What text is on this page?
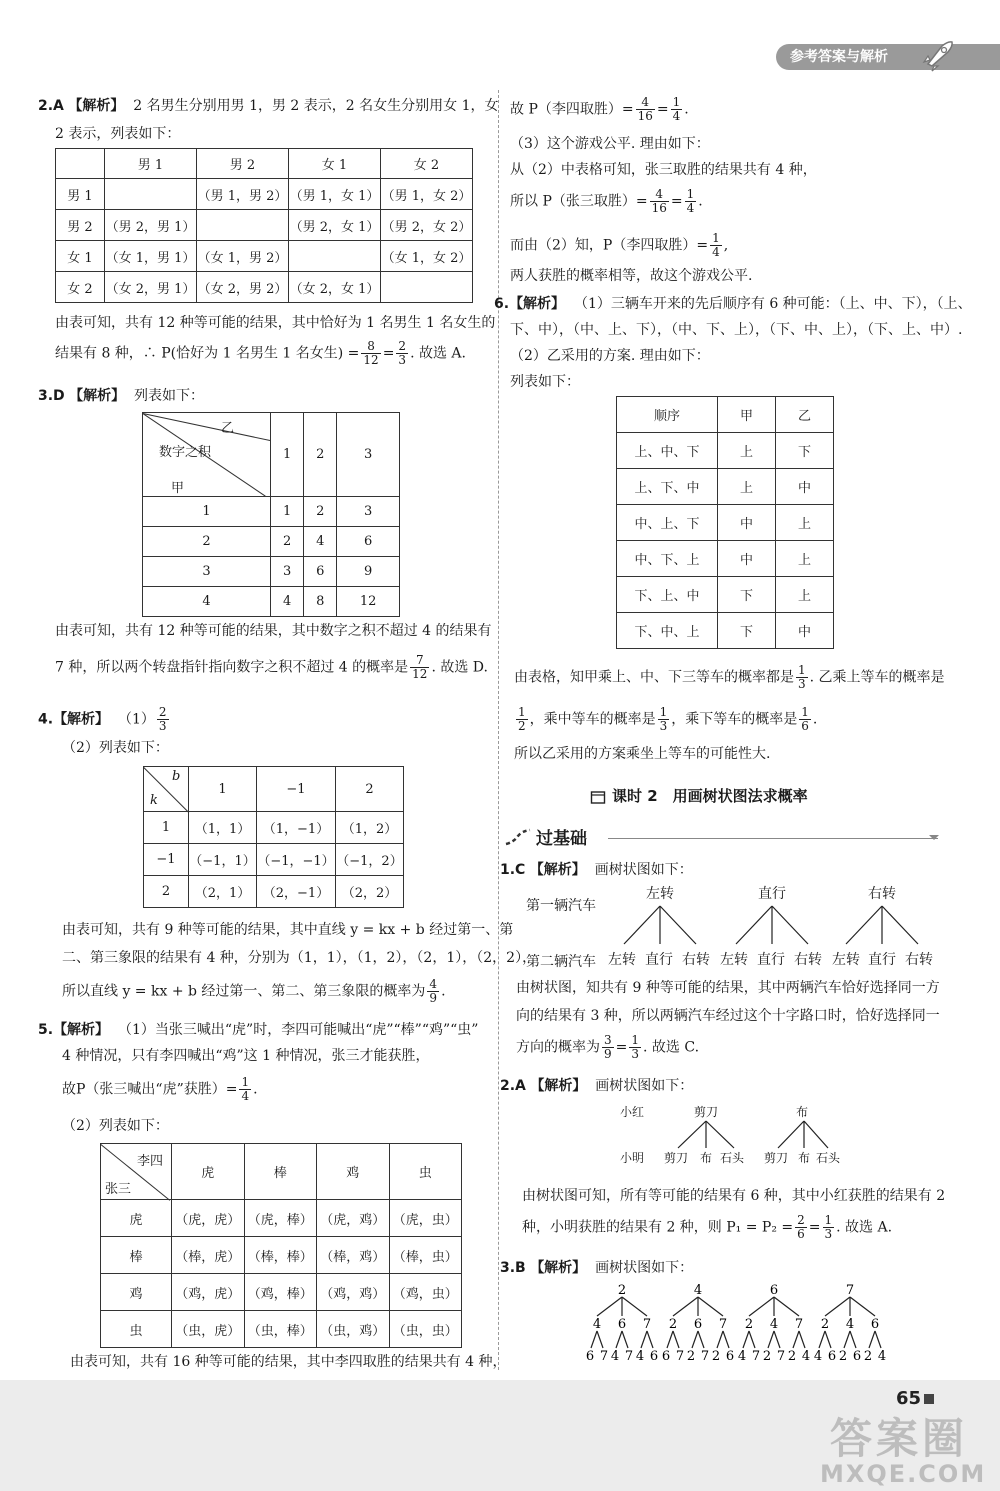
参考答案与解析
2.A 【解析】 2 名男生分别用男 1，男 2 表示，2 名女生分别用女 1，女
2 表示，列表如下：
	男 1	男 2	女 1	女 2
男 1		（男 1，男 2）	（男 1，女 1）	（男 1，女 2）
男 2	（男 2，男 1）		（男 2，女 1）	（男 2，女 2）
女 1	（女 1，男 1）	（女 1，男 2）		（女 1，女 2）
女 2	（女 2，男 1）	（女 2，男 2）	（女 2，女 1）	
由表可知，共有 12 种等可能的结果，其中恰好为 1 名男生 1 名女生的
结果有 8 种，∴ P(恰好为 1 名男生 1 名女生) = $\frac{8}{12} = \frac{2}{3}$ . 故选 A.
3.D 【解析】 列表如下：
乙
数字之积
甲	1	2	3
1	1	2	3
2	2	4	6
3	3	6	9
4	4	8	12
由表可知，共有 12 种等可能的结果，其中数字之积不超过 4 的结果有
7 种，所以两个转盘指针指向数字之积不超过 4 的概率是 $\frac{7}{12}$ . 故选 D.
4.【解析】 $(1) \frac{2}{3}$
（2）列表如下：
b
k	1	−1	2
1	（1，1）	（1，−1）	（1，2）
−1	（−1，1）	（−1，−1）	（−1，2）
2	（2，1）	（2，−1）	（2，2）
由表可知，共有 9 种等可能的结果，其中直线 y = kx + b 经过第一、第
二、第三象限的结果有 4 种，分别为（1，1），（1，2），（2，1），（2，2），
所以直线 y = kx + b 经过第一、第二、第三象限的概率为 $\frac{4}{9}$ .
5.【解析】 （1）当张三喊出“虎”时，李四可能喊出“虎”“棒”“鸡”“虫”
4 种情况，只有李四喊出“鸡”这 1 种情况，张三才能获胜，
故P（张三喊出“虎”获胜）= $\frac{1}{4}$ .
（2）列表如下：
李四
张三	虎	棒	鸡	虫
虎	（虎，虎）	（虎，棒）	（虎，鸡）	（虎，虫）
棒	（棒，虎）	（棒，棒）	（棒，鸡）	（棒，虫）
鸡	（鸡，虎）	（鸡，棒）	（鸡，鸡）	（鸡，虫）
虫	（虫，虎）	（虫，棒）	（虫，鸡）	（虫，虫）
由表可知，共有 16 种等可能的结果，其中李四取胜的结果共有 4 种，
故 P（李四取胜）= $\frac{4}{16} = \frac{1}{4}$ .
（3）这个游戏公平. 理由如下：
从（2）中表格可知，张三取胜的结果共有 4 种，
所以 P（张三取胜）= $\frac{4}{16} = \frac{1}{4}$ .
而由（2）知，P（李四取胜）= $\frac{1}{4}$ ,
两人获胜的概率相等，故这个游戏公平.
6.【解析】 （1）三辆车开来的先后顺序有 6 种可能：（上、中、下），（上、
下、中），（中、上、下），（中、下、上），（下、中、上），（下、上、中）.
（2）乙采用的方案. 理由如下：
列表如下：
顺序	甲	乙
上、中、下	上	下
上、下、中	上	中
中、上、下	中	上
中、下、上	中	上
下、上、中	下	上
下、中、上	下	中
由表格，知甲乘上、中、下三等车的概率都是 $\frac{1}{3}$ . 乙乘上等车的概率是
$\frac{1}{2}$ ，乘中等车的概率是 $\frac{1}{3}$ ，乘下等车的概率是 $\frac{1}{6}$ .
所以乙采用的方案乘坐上等车的可能性大.
课时 2　用画树状图法求概率
过基础
1.C 【解析】 画树状图如下：
第一辆汽车
第二辆汽车
左转	直行	右转
左转 直行 右转 左转 直行 右转 左转 直行 右转
由树状图，知共有 9 种等可能的结果，其中两辆汽车恰好选择同一方
向的结果有 3 种，所以两辆汽车经过这个十字路口时，恰好选择同一
方向的概率为 $\frac{3}{9} = \frac{1}{3}$ . 故选 C.
2.A 【解析】 画树状图如下：
小红
小明
剪刀	布
剪刀 布 石头 剪刀 布 石头
由树状图可知，所有等可能的结果有 6 种，其中小红获胜的结果有 2
种，小明获胜的结果有 2 种，则 $P_1 = P_2 = \frac{2}{6} = \frac{1}{3}$ . 故选 A.
3.B 【解析】 画树状图如下：
2
4
6 7
6
4 7
7
4 6
4
2
6 7
6
2 7
7
2 6
6
2
4 7
4
2 7
7
2 4
7
2
4 6
4
2 6
6
2 4
65
答案圈
MXQE.COM
